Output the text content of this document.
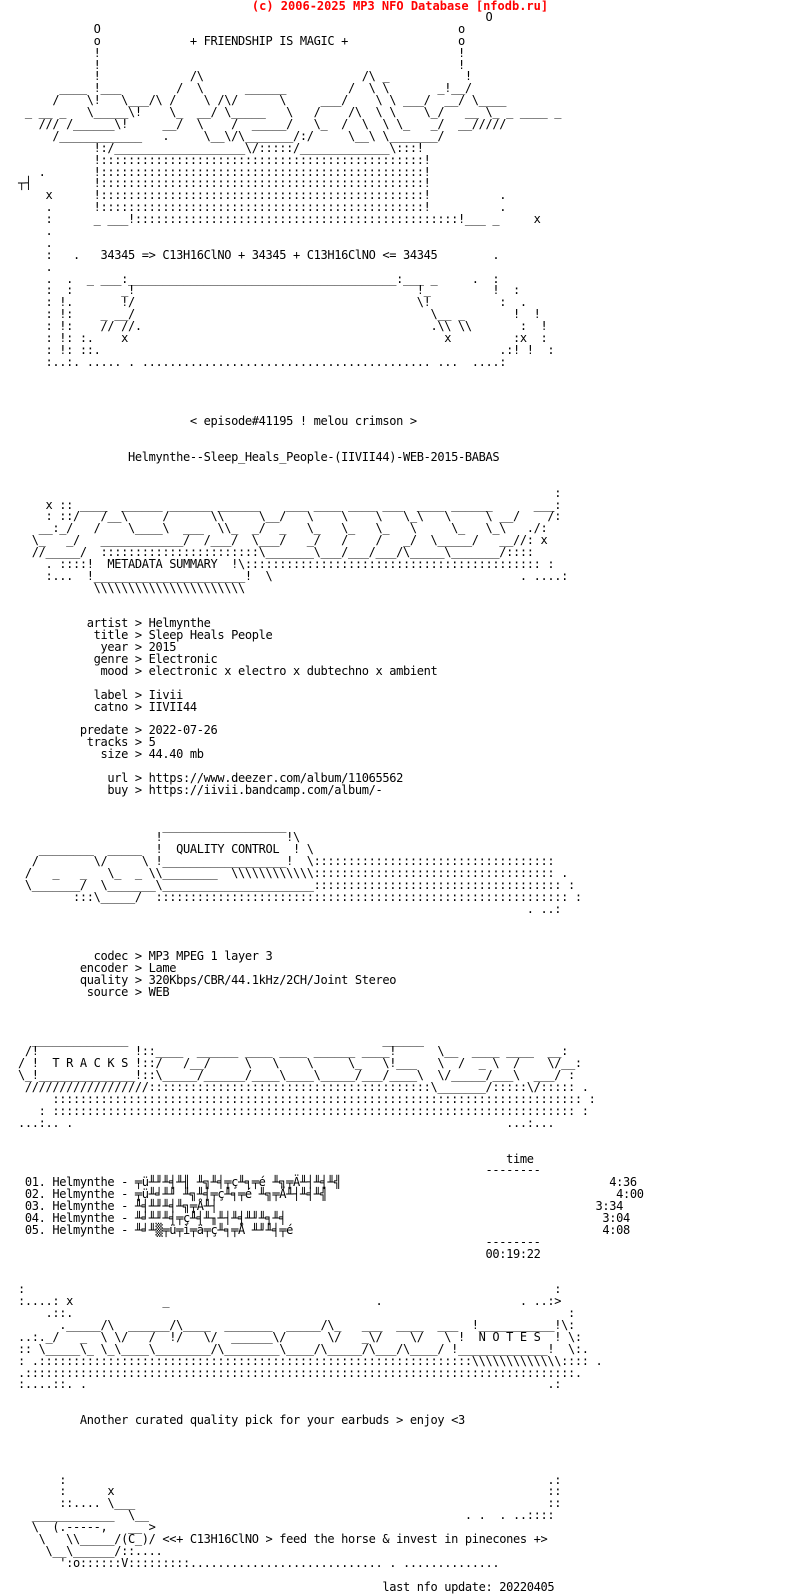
(c) 2006-2025 MP3 NFO Database [nfodb.ru]
O
O                                                    o
o             + FRIENDSHIP IS MAGIC +                o
!                                                    !
!                                                    !
!             /\                       /\ _           !
____ !___        /  \      ______         /  \ \       _!__/
/    \!   \___/\ /    \ /\/      \     ___/    \ \ ___/  __/ \____
_ __ _   \_____\!    \_  __/ \_____   \   /    /\  \ \    \_/   __ \_ _ ____ _
/// /______\!     __/  \    /  _____/   \_  /  \  \ \_   _/  __/////
/____________   .     \__\/\_______/:/     \__\ \_______/
!:/___________________\/:::::/_____________\:::!
!:::::::::::::::::::::::::::::::::::::::::::::::!
.       !:::::::::::::::::::::::::::::::::::::::::::::::!
┬┤         !:::::::::::::::::::::::::::::::::::::::::::::::!
x      !:::::::::::::::::::::::::::::::::::::::::::::::!          .
.      !:::::::::::::::::::::::::::::::::::::::::::::::!          .
:      _ ___!:::::::::::::::::::::::::::::::::::::::::::::::!___ _     x
.
.
:   .   34345 => C13H16ClNO + 34345 + C13H16ClNO <= 34345        .
.
.  .  _ ___:_______________________________________:___ _     .  :
:  :       _!                                         !_         !  :
: !.       !/                                         \!          :  .
: !:    _ __/                                           \__ _       !  !
: !:    // //.                                          .\\ \\       :  !
: !: :.    x                                              x         :x  :
: !: ::.                                                          .:! !  :
:..:. ..... . .......................................... ...  ....:

< episode#41195 ! melou crimson >

Helmynthe--Sleep_Heals_People-(IIVII44)-WEB-2015-BABAS

:
x :: ____  ______ ______ ______    ___ ____ ____ ___  ____ ______      ___:
: ::/   /__\     /      \\     \__/   \    \    \   \_\   \     \ __/    /:
__:_/   /    \____\  ___  \\_  _/  _   \_   \_   \_   \     \_   \_\   ./:
\_   _/   ____________/  /___/  \___/   _/   /    /   _/  \_____/   __//: x
//_____/  :::::::::::::::::::::::\_______\___/___/___/\_____\_______/::::
. ::::!  METADATA SUMMARY  !\::::::::::::::::::::::::::::::::::::::::::: :
:...  !______________________!  \                                    . ....:
\\\\\\\\\\\\\\\\\\\\\\

artist > Helmynthe
title > Sleep Heals People
year > 2015
genre > Electronic
mood > electronic x electro x dubtechno x ambient

label > Iivii
catno > IIVII44

predate > 2022-07-26
tracks > 5
size > 44.40 mb

url > https://www.deezer.com/album/11065562
buy > https://iivii.bandcamp.com/album/-

__________________
!                  !\
________  _____  !  QUALITY CONTROL  ! \
/        \/     \ !__________________!  \:::::::::::::::::::::::::::::::::::
/   _   _   \_  _ \\________  \\\\\\\\\\\\::::::::::::::::::::::::::::::::::: .
\_______/  \_______\______________________:::::::::::::::::::::::::::::::::::: :
:::\_____/  :::::::::::::::::::::::::::::::::::::::::::::::::::::::::::: :
. ..:

codec > MP3 MPEG 1 layer 3
encoder > Lame
quality > 320Kbps/CBR/44.1kHz/2CH/Joint Stereo
source > WEB

______________                                     ______
/!              !::____  ______ ____ ____ ______ ____!      \__  ____ ____  __:
/ !  T R A C K S !::/   /__/     \   \    \     \_   \!___   \  /  _ \  /    \/__:
\_!______________!::\_____/______/____\____\_____/___/____\  \/_____/___\  ___/ :
//////////////////:::::::::::::::::::::::::::::::::::::::::\_______/:::::\/::::: .
::::::::::::::::::::::::::::::::::::::::::::::::::::::::::::::::::::::::::::: :
: :::::::::::::::::::::::::::::::::::::::::::::::::::::::::::::::::::::::::::: :
...:.. .                                                               ...:...

time
--------
01. Helmynthe - ╤ü╨╜╨╡╨╢ ╨╗╨╡╤ç╨╕╤é ╨╗╤Ä╨┤╨╡╨╣                                       4:36
02. Helmynthe - ╤ü╨╛╨╜ ╨╗╨╡╤ç╨╕╤é ╨╗╤Ä╨┤╨╡╨╣                                          4:00
03. Helmynthe - ╨╡╨╜╨╡╨╗╤Å╨┤                                                       3:34
04. Helmynthe - ╨╛╨╜╨╡╤ç╨╡╨╖╨┤╨╡╨╜╨╕╨╡                                              3:04
05. Helmynthe - ╨╛╨▒╤ü╤ì╤ä╤ç╨╕╤Å ╨╜╨╡╤é                                             4:08
--------
00:19:22

:                                                                             :
:....: x             _                              .                    . ..:>
.::.                                                                        :
._____/\  ______/\____  _______  _____/\_   ___  ____  ___  !___________!\:
..:._/   _  \ \/   /  !/   \/  ______\/      \/   _\/    \/   \ !  N O T E S  ! \:
:: \_____\_ \_\____\________/\________\____/\_____/\___/\____/ !_____________!  \:.
: .:::::::::::::::::::::::::::::::::::::::::::::::::::::::::::::::\\\\\\\\\\\\\:::: .
.::::::::::::::::::::::::::::::::::::::::::::::::::::::::::::::::::::::::::::::::.
:....::. .                                                                   .:

Another curated quality pick for your earbuds > enjoy <3

:                                                                      .:
:      x                                                               ::
::.... \___                                                            ::
____________  \__                                              . .  . ..::::
\  (.-----,   __ >
\   \\_____/(C_)/ <<+ C13H16ClNO > feed the horse & invest in pinecones +>
\__\______/::....
':o::::::V:::::::::............................ . ..............

last nfo update: 20220405
